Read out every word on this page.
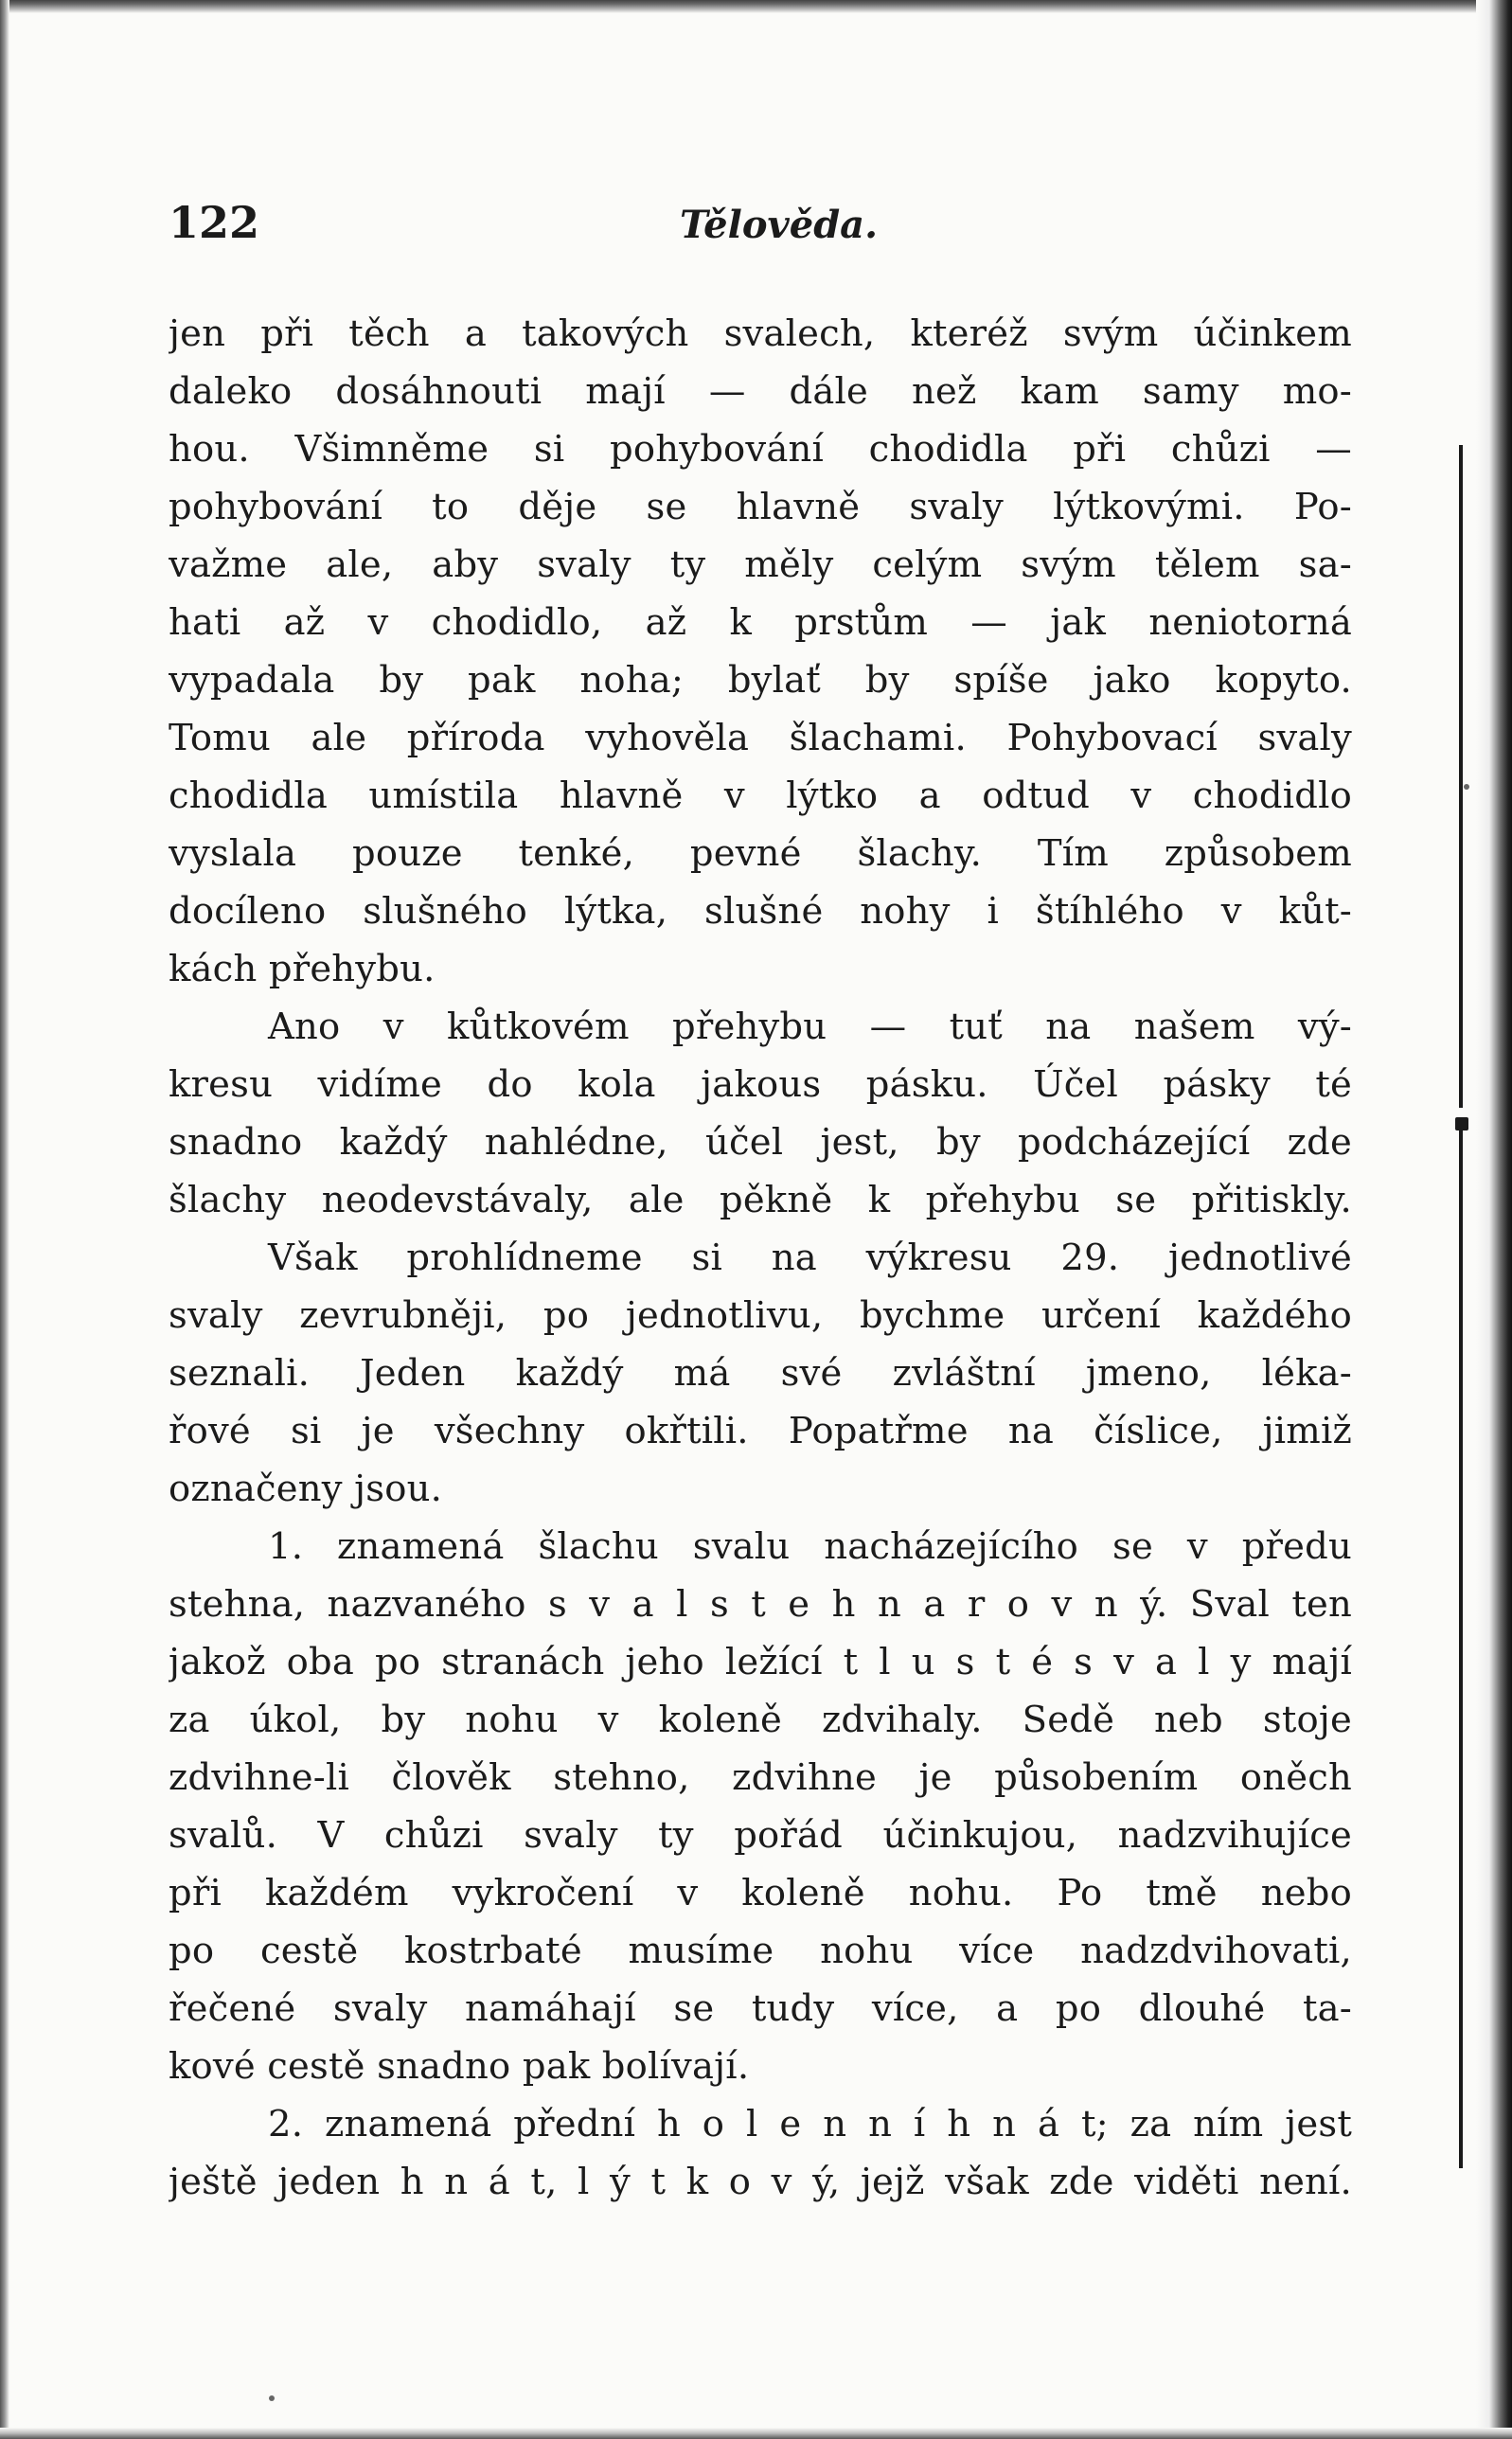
122	Tělověda.
jen při těch a takových svalech, kteréž svým účinkem
daleko dosáhnouti mají — dále než kam samy mo-
hou. Všimněme si pohybování chodidla při chůzi —
pohybování to děje se hlavně svaly lýtkovými. Po-
važme ale, aby svaly ty měly celým svým tělem sa-
hati až v chodidlo, až k prstům — jak neniotorná
vypadala by pak noha; bylať by spíše jako kopyto.
Tomu ale příroda vyhověla šlachami. Pohybovací svaly
chodidla umístila hlavně v lýtko a odtud v chodidlo
vyslala pouze tenké, pevné šlachy. Tím způsobem
docíleno slušného lýtka, slušné nohy i štíhlého v kůt-
kách přehybu.
Ano v kůtkovém přehybu — tuť na našem vý-
kresu vidíme do kola jakous pásku. Účel pásky té
snadno každý nahlédne, účel jest, by podcházející zde
šlachy neodevstávaly, ale pěkně k přehybu se přitiskly.
Však prohlídneme si na výkresu 29. jednotlivé
svaly zevrubněji, po jednotlivu, bychme určení každého
seznali. Jeden každý má své zvláštní jmeno, léka-
řové si je všechny okřtili. Popatřme na číslice, jimiž
označeny jsou.
1. znamená šlachu svalu nacházejícího se v předu
stehna, nazvaného s v a l s t e h n a r o v n ý. Sval ten
jakož oba po stranách jeho ležící t l u s t é s v a l y mají
za úkol, by nohu v koleně zdvihaly. Sedě neb stoje
zdvihne-li člověk stehno, zdvihne je působením oněch
svalů. V chůzi svaly ty pořád účinkujou, nadzvihujíce
při každém vykročení v koleně nohu. Po tmě nebo
po cestě kostrbaté musíme nohu více nadzdvihovati,
řečené svaly namáhají se tudy více, a po dlouhé ta-
kové cestě snadno pak bolívají.
2. znamená přední h o l e n n í h n á t; za ním jest
ještě jeden h n á t, l ý t k o v ý, jejž však zde viděti není.
